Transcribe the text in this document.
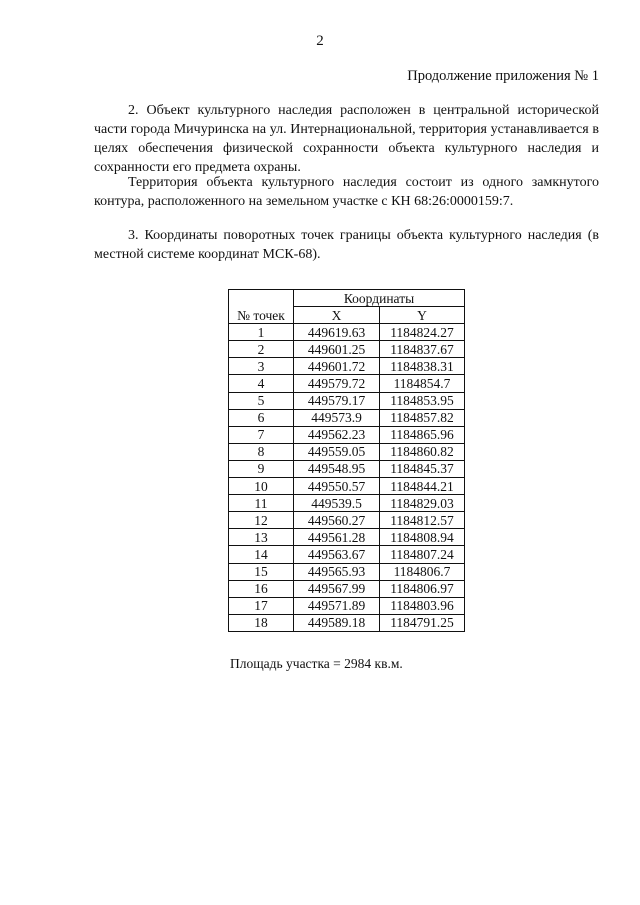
2
Продолжение приложения № 1

2. Объект культурного наследия расположен в центральной исторической части города Мичуринска на ул. Интернациональной, территория устанавливается в целях обеспечения физической сохранности объекта культурного наследия и сохранности его предмета охраны.

Территория объекта культурного наследия состоит из одного замкнутого контура, расположенного на земельном участке с КН 68:26:0000159:7.

3. Координаты поворотных точек границы объекта культурного наследия (в местной системе координат МСК-68).

№ точек	Координаты	
	X	Y
1	449619.63	1184824.27
2	449601.25	1184837.67
3	449601.72	1184838.31
4	449579.72	1184854.7
5	449579.17	1184853.95
6	449573.9	1184857.82
7	449562.23	1184865.96
8	449559.05	1184860.82
9	449548.95	1184845.37
10	449550.57	1184844.21
11	449539.5	1184829.03
12	449560.27	1184812.57
13	449561.28	1184808.94
14	449563.67	1184807.24
15	449565.93	1184806.7
16	449567.99	1184806.97
17	449571.89	1184803.96
18	449589.18	1184791.25
Площадь участка = 2984 кв.м.
